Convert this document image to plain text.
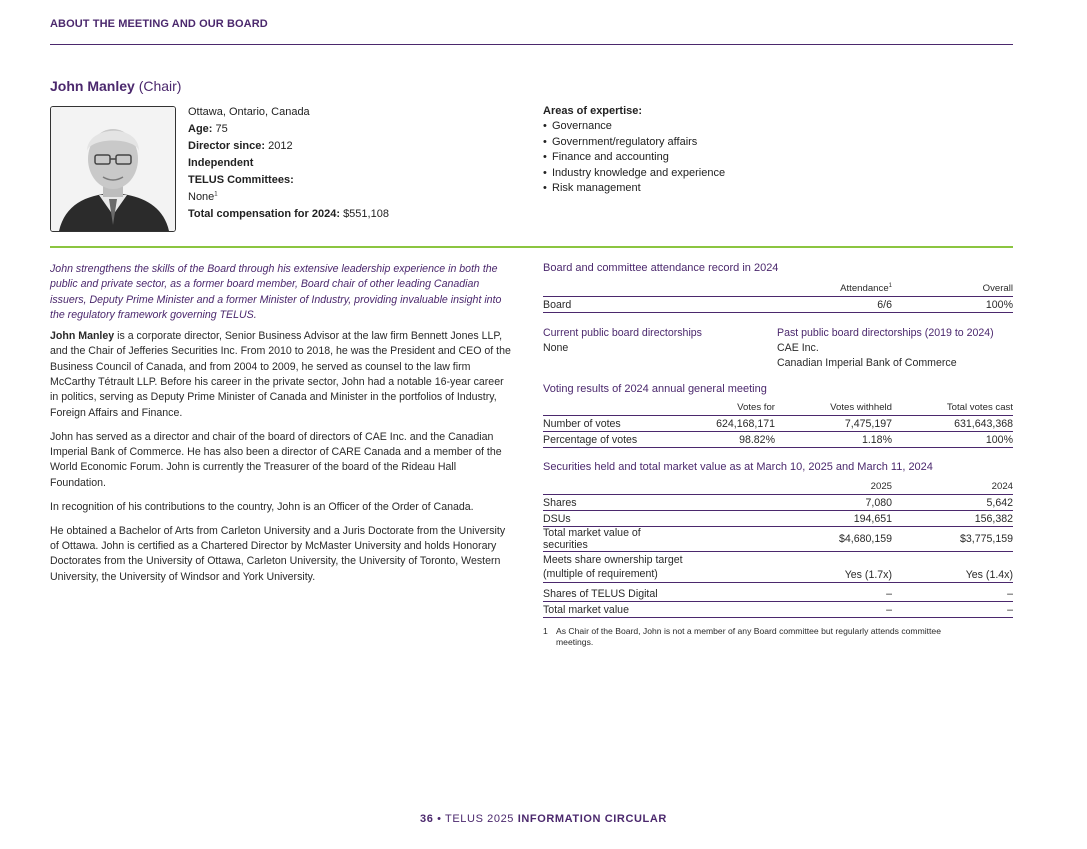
ABOUT THE MEETING AND OUR BOARD
John Manley (Chair)
Ottawa, Ontario, Canada
Age: 75
Director since: 2012
Independent
TELUS Committees:
None$^1$
Total compensation for 2024: $551,108
Areas of expertise:
• Governance
• Government/regulatory affairs
• Finance and accounting
• Industry knowledge and experience
• Risk management

John strengthens the skills of the Board through his extensive leadership experience in both the public and private sector, as a former board member, Board chair of other leading Canadian issuers, Deputy Prime Minister and a former Minister of Industry, providing invaluable insight into the regulatory framework governing TELUS.

John Manley is a corporate director, Senior Business Advisor at the law firm Bennett Jones LLP, and the Chair of Jefferies Securities Inc. From 2010 to 2018, he was the President and CEO of the Business Council of Canada, and from 2004 to 2009, he served as counsel to the law firm McCarthy Tétrault LLP. Before his career in the private sector, John had a notable 16-year career in politics, serving as Deputy Prime Minister of Canada and Minister in the portfolios of Industry, Foreign Affairs and Finance.

John has served as a director and chair of the board of directors of CAE Inc. and the Canadian Imperial Bank of Commerce. He has also been a director of CARE Canada and a member of the World Economic Forum. John is currently the Treasurer of the board of the Rideau Hall Foundation.

In recognition of his contributions to the country, John is an Officer of the Order of Canada.

He obtained a Bachelor of Arts from Carleton University and a Juris Doctorate from the University of Ottawa. John is certified as a Chartered Director by McMaster University and holds Honorary Doctorates from the University of Ottawa, Carleton University, the University of Toronto, Western University, the University of Windsor and York University.

Board and committee attendance record in 2024
	Attendance$^1$	Overall
Board	6/6	100%
Current public board directorships
None
Past public board directorships (2019 to 2024)
CAE Inc.
Canadian Imperial Bank of Commerce
Voting results of 2024 annual general meeting
	Votes for	Votes withheld	Total votes cast
Number of votes	624,168,171	7,475,197	631,643,368
Percentage of votes	98.82%	1.18%	100%
Securities held and total market value as at March 10, 2025 and March 11, 2024
	2025	2024
Shares	7,080	5,642
DSUs	194,651	156,382
Total market value of securities	$4,680,159	$3,775,159
Meets share ownership target
(multiple of requirement)	Yes (1.7x)	Yes (1.4x)

Shares of TELUS Digital	–	–
Total market value	–	–
1 As Chair of the Board, John is not a member of any Board committee but regularly attends committee meetings.
36 • TELUS 2025 INFORMATION CIRCULAR
